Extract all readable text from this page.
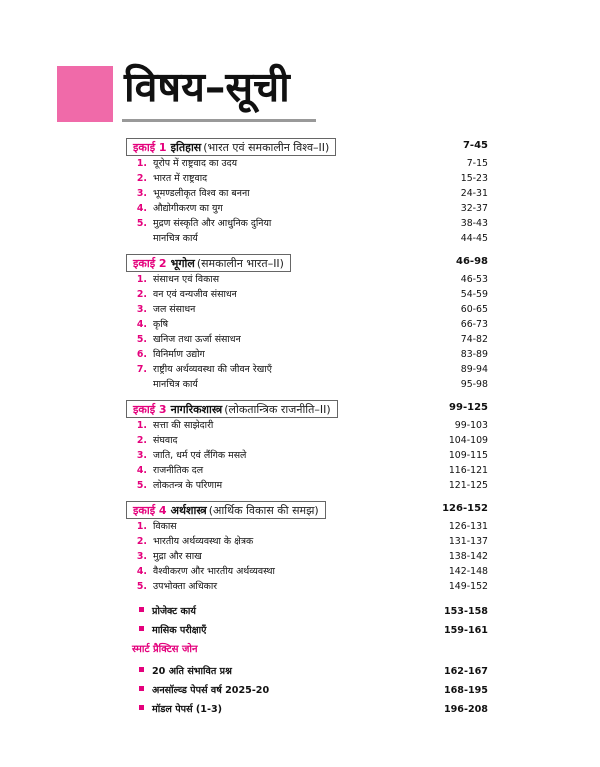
विषय–सूची
इकाई 1 इतिहास (भारत एवं समकालीन विश्व–II)	7-45
1. यूरोप में राष्ट्रवाद का उदय	7-15
2. भारत में राष्ट्रवाद	15-23
3. भूमण्डलीकृत विश्व का बनना	24-31
4. औद्योगीकरण का युग	32-37
5. मुद्रण संस्कृति और आधुनिक दुनिया	38-43
मानचित्र कार्य	44-45
इकाई 2 भूगोल (समकालीन भारत–II)	46-98
1. संसाधन एवं विकास	46-53
2. वन एवं वन्यजीव संसाधन	54-59
3. जल संसाधन	60-65
4. कृषि	66-73
5. खनिज तथा ऊर्जा संसाधन	74-82
6. विनिर्माण उद्योग	83-89
7. राष्ट्रीय अर्थव्यवस्था की जीवन रेखाएँ	89-94
मानचित्र कार्य	95-98
इकाई 3 नागरिकशास्त्र (लोकतान्त्रिक राजनीति–II)	99-125
1. सत्ता की साझेदारी	99-103
2. संघवाद	104-109
3. जाति, धर्म एवं लैंगिक मसले	109-115
4. राजनीतिक दल	116-121
5. लोकतन्त्र के परिणाम	121-125
इकाई 4 अर्थशास्त्र (आर्थिक विकास की समझ)	126-152
1. विकास	126-131
2. भारतीय अर्थव्यवस्था के क्षेत्रक	131-137
3. मुद्रा और साख	138-142
4. वैश्वीकरण और भारतीय अर्थव्यवस्था	142-148
5. उपभोक्ता अधिकार	149-152
प्रोजेक्ट कार्य	153-158
मासिक परीक्षाएँ	159-161
स्मार्ट प्रैक्टिस जोन
20 अति संभावित प्रश्न	162-167
अनसॉल्व्ड पेपर्स वर्ष 2025-20	168-195
मॉडल पेपर्स (1-3)	196-208
